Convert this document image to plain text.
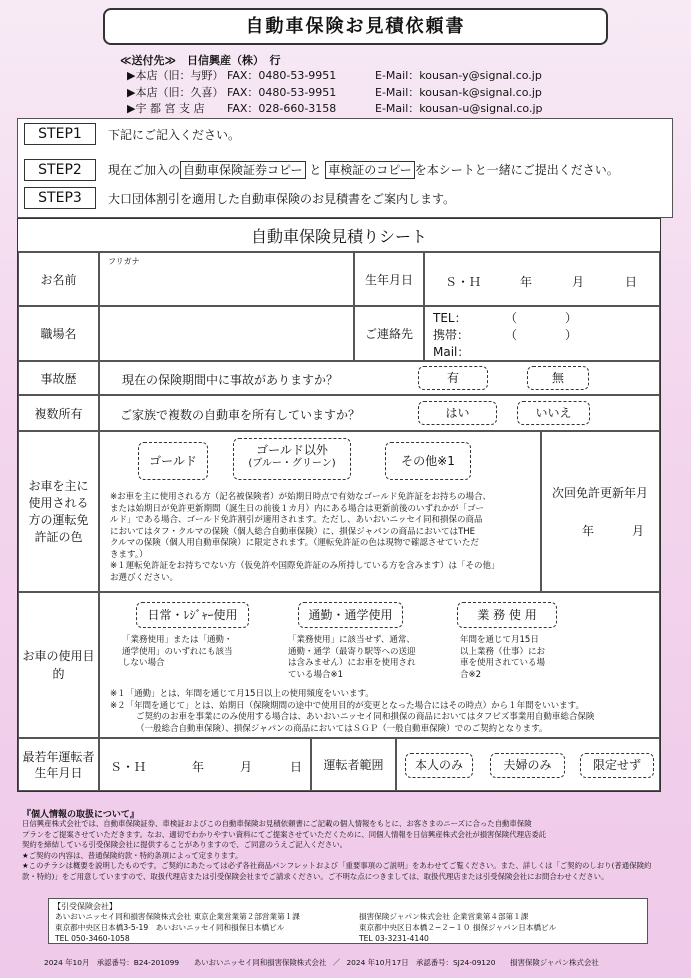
自動車保険お見積依頼書
≪送付先≫　日信興産（株）　行
▶本店（旧：与野） FAX：0480-53-9951	E-Mail：kousan-y@signal.co.jp
▶本店（旧：久喜） FAX：0480-53-9951	E-Mail：kousan-k@signal.co.jp
▶宇 都 宮 支 店 FAX：028-660-3158	E-Mail：kousan-u@signal.co.jp
STEP1	下記にご記入ください。
STEP2	現在ご加入の 自動車保険証券コピー と 車検証のコピー を本シートと一緒にご提出ください。
STEP3	大口団体割引を適用した自動車保険のお見積書をご案内します。
自動車保険見積りシート
お名前
フリガナ
生年月日	Ｓ・Ｈ	年	月	日
職場名	ご連絡先
TEL：	（	）
携帯：	（	）
Mail：
事故歴	現在の保険期間中に事故がありますか？	有	無
複数所有	ご家族で複数の自動車を所有していますか？	はい	いいえ
お車を主に使用される方の運転免許証の色
ゴールド
ゴールド以外
(ブルー・グリーン)	その他※1
※お車を主に使用される方（記名被保険者）が始期日時点で有効なゴールド免許証をお持ちの場合、
または始期日が免許更新期間（誕生日の前後１カ月）内にある場合は更新前後のいずれかが「ゴー
ルド」である場合、ゴールド免許割引が適用されます。ただし、あいおいニッセイ同和損保の商品
においてはタフ・クルマの保険（個人総合自動車保険）に、損保ジャパンの商品においてはTHE
クルマの保険（個人用自動車保険）に限定されます。（運転免許証の色は現物で確認させていただ
きます。）
※１運転免許証をお持ちでない方（仮免許や国際免許証のみ所持している方を含みます）は「その他」
お選びください。
次回免許更新年月
年	月
お車の使用目的
日常・ﾚｼﾞｬｰ使用	通勤・通学使用	業 務 使 用
「業務使用」または「通勤・
通学使用」のいずれにも該当
しない場合
「業務使用」に該当せず、通常、
通勤・通学（最寄り駅等への送迎
は含みません）にお車を使用され
ている場合※1
年間を通じて月15日
以上業務（仕事）にお
車を使用されている場
合※2
※１「通勤」とは、年間を通じて月15日以上の使用頻度をいいます。
※２「年間を通じて」とは、始期日（保険期間の途中で使用目的が変更となった場合にはその時点）から１年間をいいます。
ご契約のお車を事業にのみ使用する場合は、あいおいニッセイ同和損保の商品においてはタフビズ事業用自動車総合保険
（一般総合自動車保険）、損保ジャパンの商品においてはＳＧＰ（一般自動車保険）でのご契約となります。
最若年運転者生年月日	Ｓ・Ｈ	年	月	日	運転者範囲	本人のみ	夫婦のみ	限定せず
『個人情報の取扱について』
日信興産株式会社では、自動車保険証券、車検証およびこの自動車保険お見積依頼書にご記載の個人情報をもとに、お客さまのニーズに合った自動車保険
プランをご提案させていただきます。なお、適切でわかりやすい資料にてご提案させていただくために、同個人情報を日信興産株式会社が損害保険代理店委託
契約を締結している引受保険会社に提供することがありますので、ご同意のうえご記入ください。
★ご契約の内容は、普通保険約款・特約条項によって定まります。
★このチラシは概要を説明したものです。ご契約にあたっては必ず各社商品パンフレットおよび「重要事項のご説明」をあわせてご覧ください。また、詳しくは「ご契約のしおり(普通保険約
款・特約)」をご用意していますので、取扱代理店または引受保険会社までご請求ください。ご不明な点につきましては、取扱代理店または引受保険会社にお問合わせください。
【引受保険会社】
あいおいニッセイ同和損害保険株式会社 東京企業営業第２部営業第１課
東京都中央区日本橋3-5-19　あいおいニッセイ同和損保日本橋ビル
TEL 050-3460-1058
損害保険ジャパン株式会社 企業営業第４部第１課
東京都中央区日本橋２−２−１０ 損保ジャパン日本橋ビル
TEL 03-3231-4140
2024 年10月　承認番号：B24-201099　　あいおいニッセイ同和損害保険株式会社 ／ 2024 年10月17日　承認番号：SJ24-09120　　損害保険ジャパン株式会社
